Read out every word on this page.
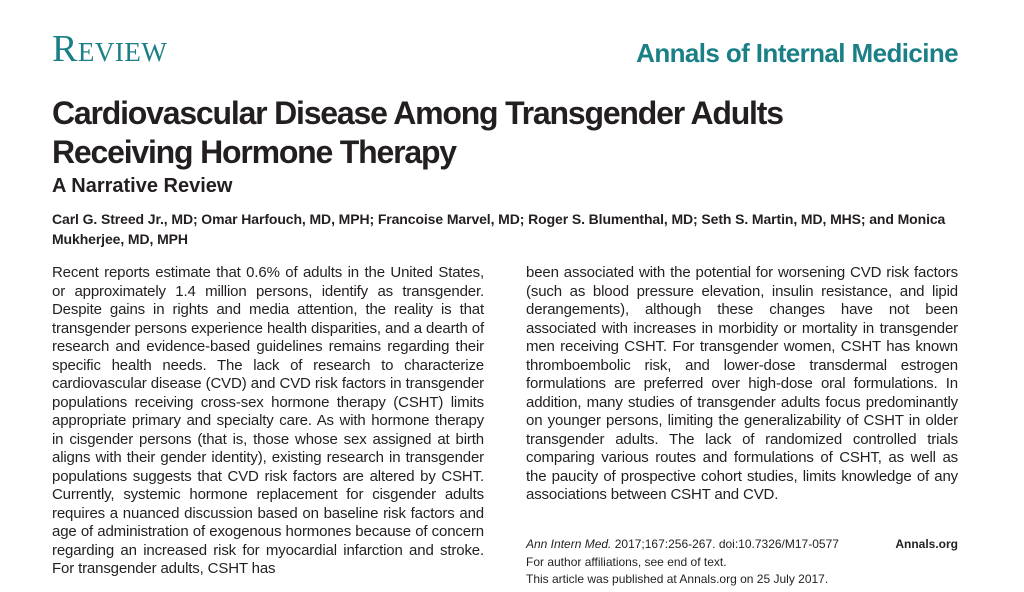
Review	Annals of Internal Medicine
Cardiovascular Disease Among Transgender Adults Receiving Hormone Therapy
A Narrative Review
Carl G. Streed Jr., MD; Omar Harfouch, MD, MPH; Francoise Marvel, MD; Roger S. Blumenthal, MD; Seth S. Martin, MD, MHS; and Monica Mukherjee, MD, MPH

Recent reports estimate that 0.6% of adults in the United States, or approximately 1.4 million persons, identify as transgender. Despite gains in rights and media attention, the reality is that transgender persons experience health disparities, and a dearth of research and evidence-based guidelines remains regarding their specific health needs. The lack of research to characterize cardiovascular disease (CVD) and CVD risk factors in transgender populations receiving cross-sex hormone therapy (CSHT) limits appropriate primary and specialty care. As with hormone therapy in cisgender persons (that is, those whose sex assigned at birth aligns with their gender identity), existing research in transgender populations suggests that CVD risk factors are altered by CSHT. Currently, systemic hormone replacement for cisgender adults requires a nuanced discussion based on baseline risk factors and age of administration of exogenous hormones because of concern regarding an increased risk for myocardial infarction and stroke. For transgender adults, CSHT has

been associated with the potential for worsening CVD risk factors (such as blood pressure elevation, insulin resistance, and lipid derangements), although these changes have not been associated with increases in morbidity or mortality in transgender men receiving CSHT. For transgender women, CSHT has known thromboembolic risk, and lower-dose transdermal estrogen formulations are preferred over high-dose oral formulations. In addition, many studies of transgender adults focus predominantly on younger persons, limiting the generalizability of CSHT in older transgender adults. The lack of randomized controlled trials comparing various routes and formulations of CSHT, as well as the paucity of prospective cohort studies, limits knowledge of any associations between CSHT and CVD.

Ann Intern Med. 2017;167:256-267. doi:10.7326/M17-0577	Annals.org
For author affiliations, see end of text.
This article was published at Annals.org on 25 July 2017.
